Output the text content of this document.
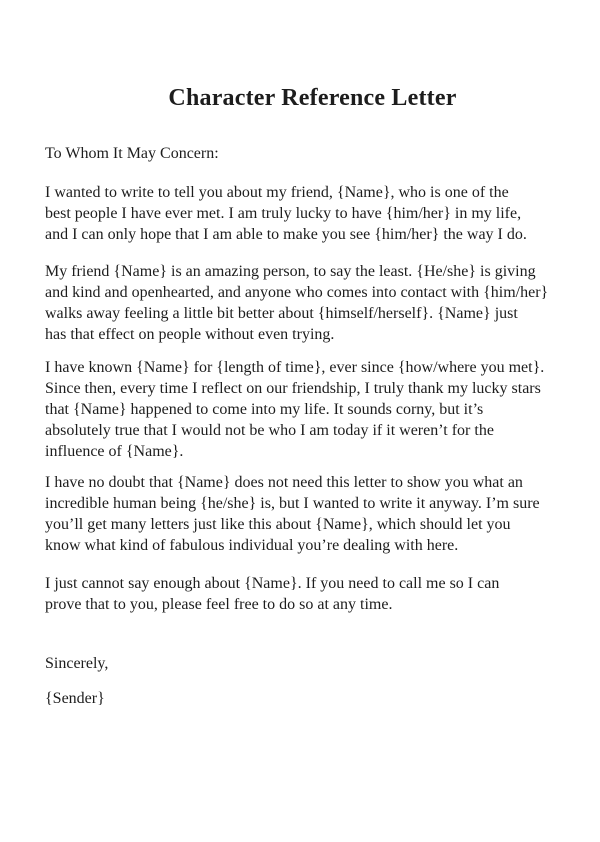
Character Reference Letter
To Whom It May Concern:

I wanted to write to tell you about my friend, {Name}, who is one of the
best people I have ever met. I am truly lucky to have {him/her} in my life,
and I can only hope that I am able to make you see {him/her} the way I do.

My friend {Name} is an amazing person, to say the least. {He/she} is giving
and kind and openhearted, and anyone who comes into contact with {him/her}
walks away feeling a little bit better about {himself/herself}. {Name} just
has that effect on people without even trying.

I have known {Name} for {length of time}, ever since {how/where you met}.
Since then, every time I reflect on our friendship, I truly thank my lucky stars
that {Name} happened to come into my life. It sounds corny, but it’s
absolutely true that I would not be who I am today if it weren’t for the
influence of {Name}.

I have no doubt that {Name} does not need this letter to show you what an
incredible human being {he/she} is, but I wanted to write it anyway. I’m sure
you’ll get many letters just like this about {Name}, which should let you
know what kind of fabulous individual you’re dealing with here.

I just cannot say enough about {Name}. If you need to call me so I can
prove that to you, please feel free to do so at any time.

Sincerely,
{Sender}
